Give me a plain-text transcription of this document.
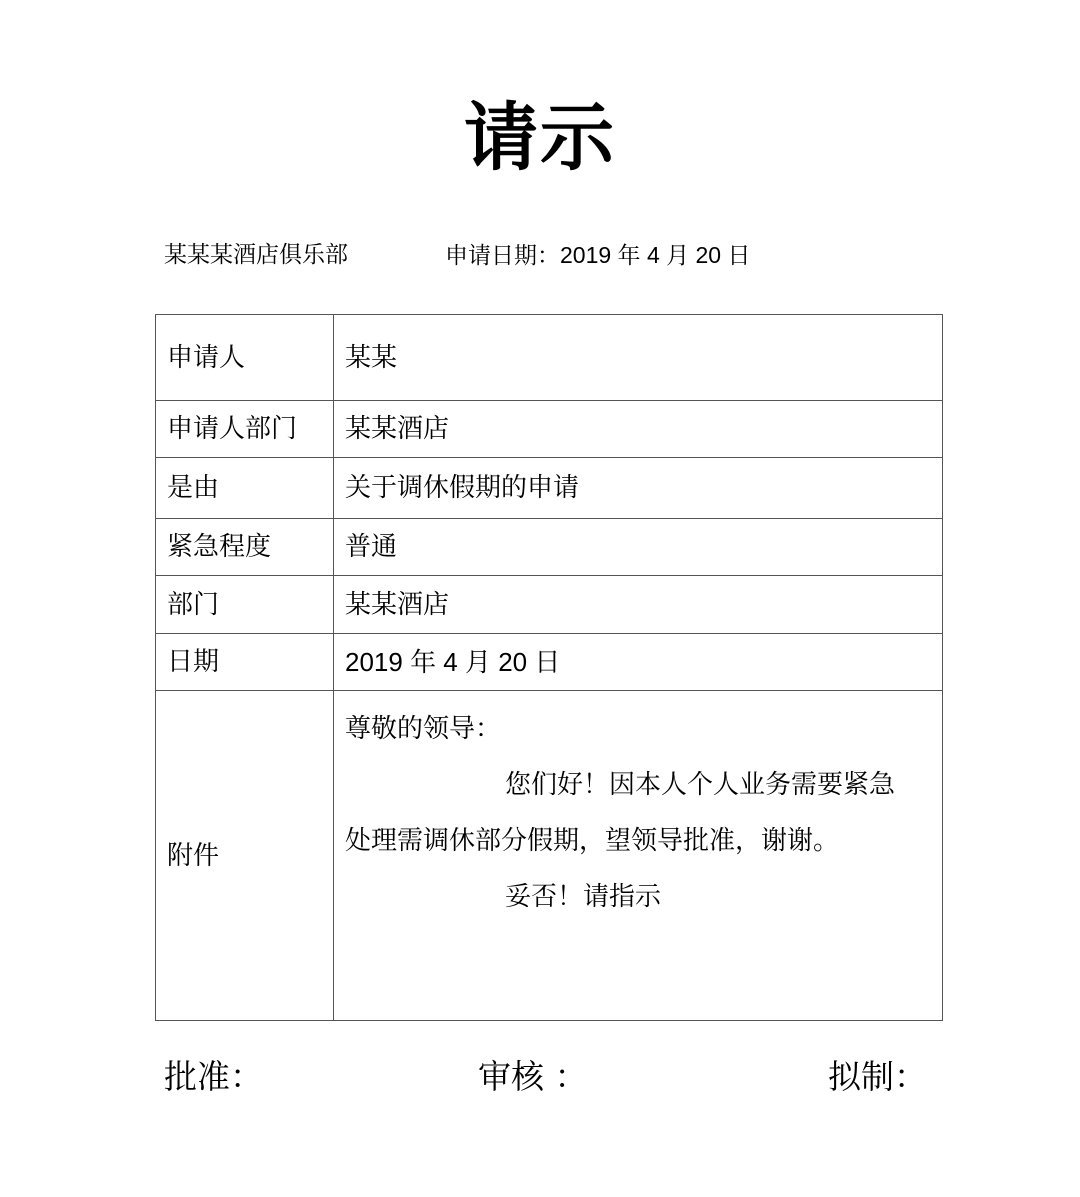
请示
某某某酒店俱乐部	申请日期：2019 年 4 月 20 日
申请人	某某
申请人部门	某某酒店
是由	关于调休假期的申请
紧急程度	普通
部门	某某酒店
日期	2019 年 4 月 20 日
附件	尊敬的领导：

您们好！因本人个人业务需要紧急

处理需调休部分假期，望领导批准，谢谢。

妥否！请指示

批准：	审核 ：	拟制：
